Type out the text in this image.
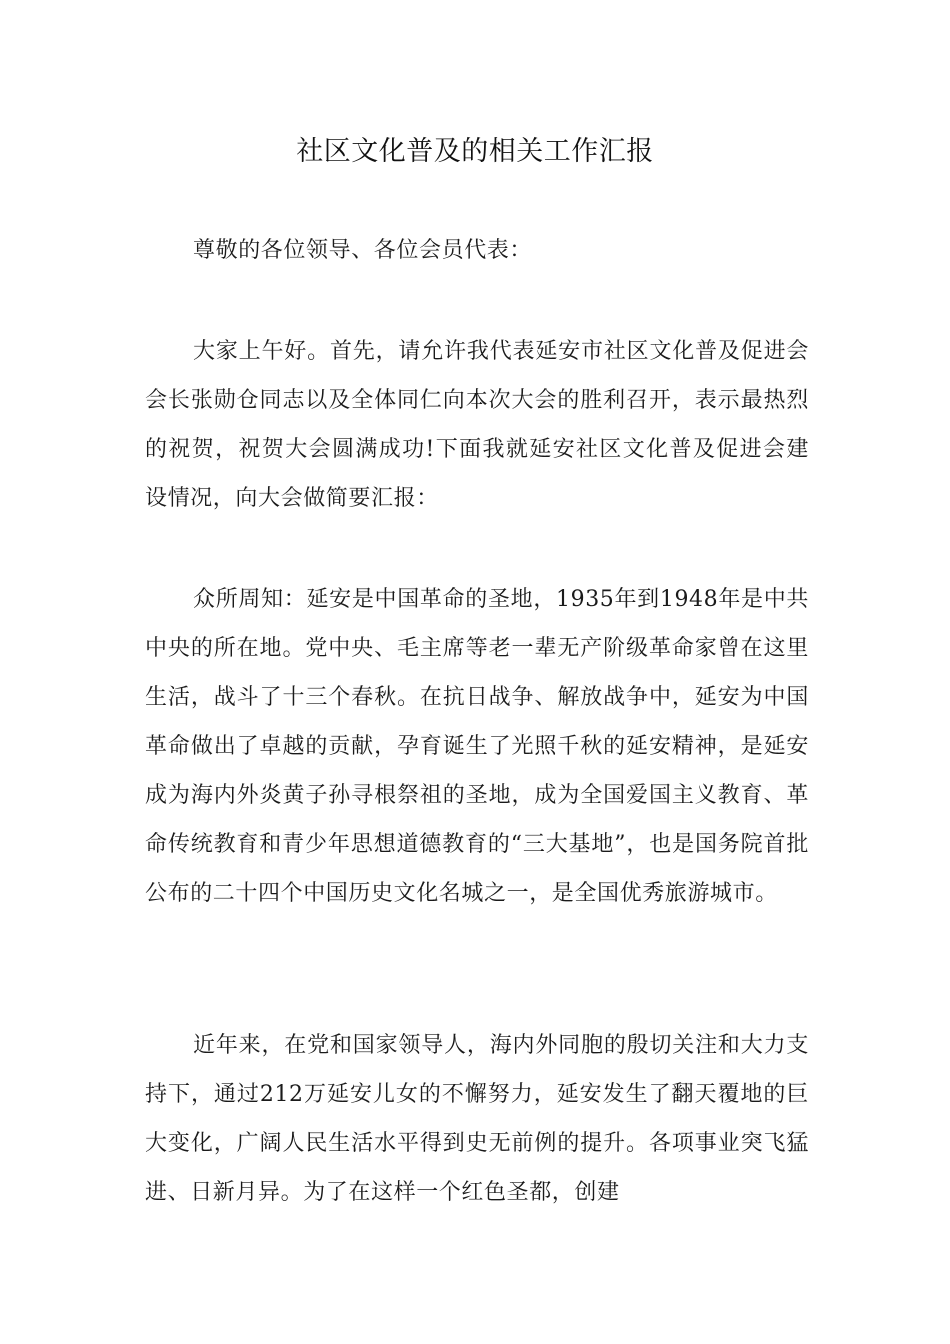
社区文化普及的相关工作汇报

尊敬的各位领导、各位会员代表：

大家上午好。首先，请允许我代表延安市社区文化普及促进会会长张勋仓同志以及全体同仁向本次大会的胜利召开，表示最热烈的祝贺，祝贺大会圆满成功!下面我就延安社区文化普及促进会建设情况，向大会做简要汇报：

众所周知：延安是中国革命的圣地，1935年到1948年是中共中央的所在地。党中央、毛主席等老一辈无产阶级革命家曾在这里生活，战斗了十三个春秋。在抗日战争、解放战争中，延安为中国革命做出了卓越的贡献，孕育诞生了光照千秋的延安精神，是延安成为海内外炎黄子孙寻根祭祖的圣地，成为全国爱国主义教育、革命传统教育和青少年思想道德教育的“三大基地”，也是国务院首批公布的二十四个中国历史文化名城之一，是全国优秀旅游城市。

近年来，在党和国家领导人，海内外同胞的殷切关注和大力支持下，通过212万延安儿女的不懈努力，延安发生了翻天覆地的巨大变化，广阔人民生活水平得到史无前例的提升。各项事业突飞猛进、日新月异。为了在这样一个红色圣都，创建
